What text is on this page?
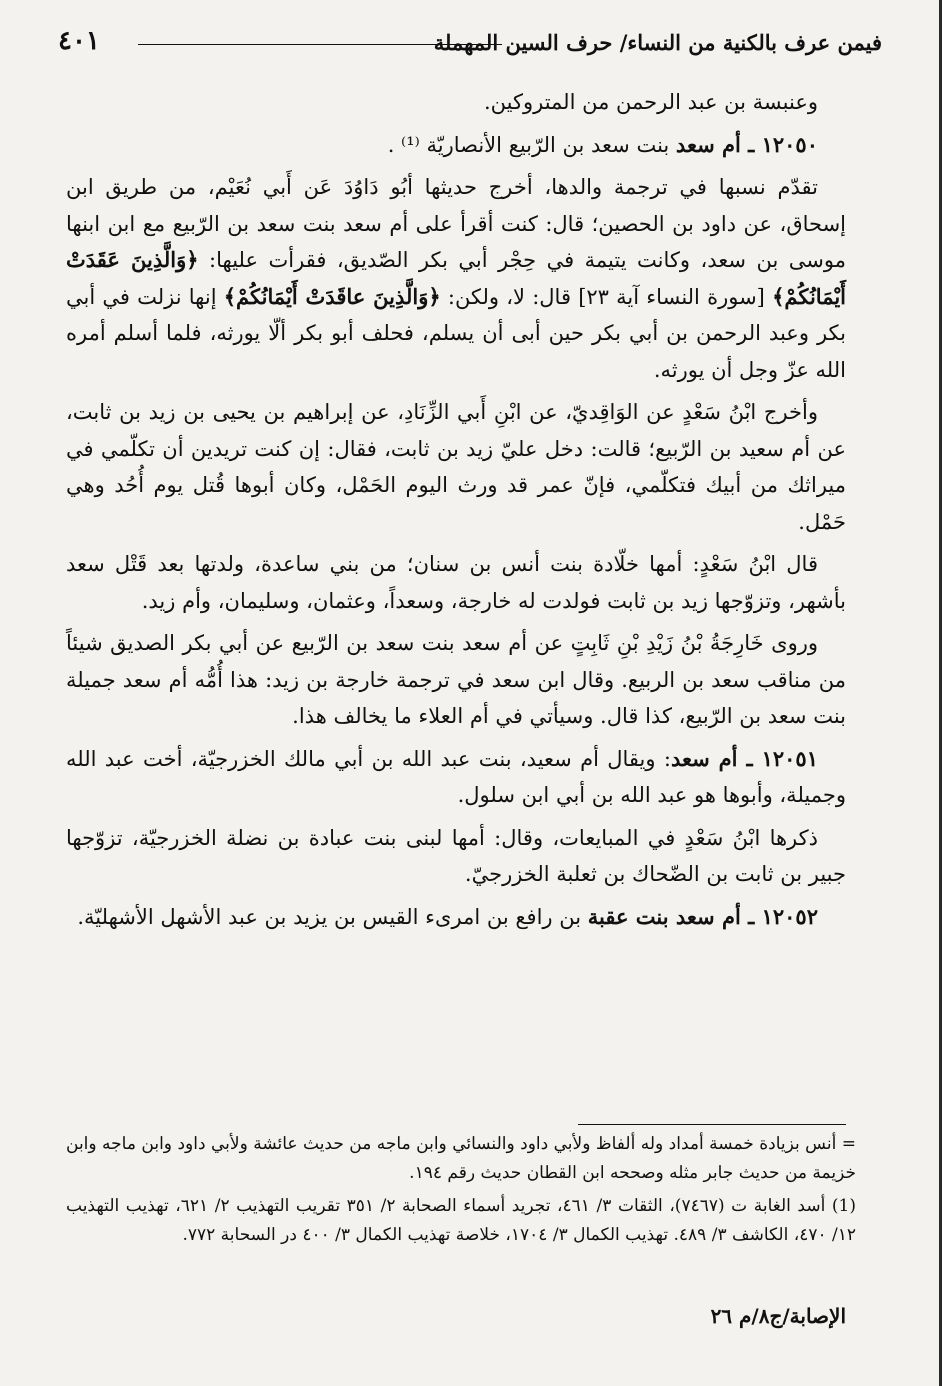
فيمن عرف بالكنية من النساء/ حرف السين المهملة
٤٠١

وعنبسة بن عبد الرحمن من المتروكين.

١٢٠٥٠ ـ أم سعد بنت سعد بن الرّبيع الأنصاريّة ⁽¹⁾ .

تقدّم نسبها في ترجمة والدها، أخرج حديثها أبُو دَاوُدَ عَن أَبي نُعَيْم، من طريق ابن إسحاق، عن داود بن الحصين؛ قال: كنت أقرأ على أم سعد بنت سعد بن الرّبيع مع ابن ابنها موسى بن سعد، وكانت يتيمة في حِجْر أبي بكر الصّديق، فقرأت عليها: ﴿وَالَّذِينَ عَقَدَتْ أَيْمَانُكُمْ﴾ [سورة النساء آية ٢٣] قال: لا، ولكن: ﴿وَالَّذِينَ عاقَدَتْ أَيْمَانُكُمْ﴾ إنها نزلت في أبي بكر وعبد الرحمن بن أبي بكر حين أبى أن يسلم، فحلف أبو بكر ألّا يورثه، فلما أسلم أمره الله عزّ وجل أن يورثه.

وأخرج ابْنُ سَعْدٍ عن الوَاقِديّ، عن ابْنِ أَبي الزِّنَادِ، عن إبراهيم بن يحيى بن زيد بن ثابت، عن أم سعيد بن الرّبيع؛ قالت: دخل عليّ زيد بن ثابت، فقال: إن كنت تريدين أن تكلّمي في ميراثك من أبيك فتكلّمي، فإنّ عمر قد ورث اليوم الحَمْل، وكان أبوها قُتل يوم أُحُد وهي حَمْل.

قال ابْنُ سَعْدٍ: أمها خلّادة بنت أنس بن سنان؛ من بني ساعدة، ولدتها بعد قَتْل سعد بأشهر، وتزوّجها زيد بن ثابت فولدت له خارجة، وسعداً، وعثمان، وسليمان، وأم زيد.

وروى خَارِجَةُ بْنُ زَيْدِ بْنِ ثَابِتٍ عن أم سعد بنت سعد بن الرّبيع عن أبي بكر الصديق شيئاً من مناقب سعد بن الربيع. وقال ابن سعد في ترجمة خارجة بن زيد: هذا أُمُّه أم سعد جميلة بنت سعد بن الرّبيع، كذا قال. وسيأتي في أم العلاء ما يخالف هذا.

١٢٠٥١ ـ أم سعد: ويقال أم سعيد، بنت عبد الله بن أبي مالك الخزرجيّة، أخت عبد الله وجميلة، وأبوها هو عبد الله بن أبي ابن سلول.

ذكرها ابْنُ سَعْدٍ في المبايعات، وقال: أمها لبنى بنت عبادة بن نضلة الخزرجيّة، تزوّجها جبير بن ثابت بن الضّحاك بن ثعلبة الخزرجيّ.

١٢٠٥٢ ـ أم سعد بنت عقبة بن رافع بن امرىء القيس بن يزيد بن عبد الأشهل الأشهليّة.

= أنس بزيادة خمسة أمداد وله ألفاظ ولأبي داود والنسائي وابن ماجه من حديث عائشة ولأبي داود وابن ماجه وابن خزيمة من حديث جابر مثله وصححه ابن القطان حديث رقم ١٩٤.

(1) أسد الغابة ت (٧٤٦٧)، الثقات ٣/ ٤٦١، تجريد أسماء الصحابة ٢/ ٣٥١ تقريب التهذيب ٢/ ٦٢١، تهذيب التهذيب ١٢/ ٤٧٠، الكاشف ٣/ ٤٨٩. تهذيب الكمال ٣/ ١٧٠٤، خلاصة تهذيب الكمال ٣/ ٤٠٠ در السحابة ٧٧٢.

الإصابة/ج٨/م ٢٦
